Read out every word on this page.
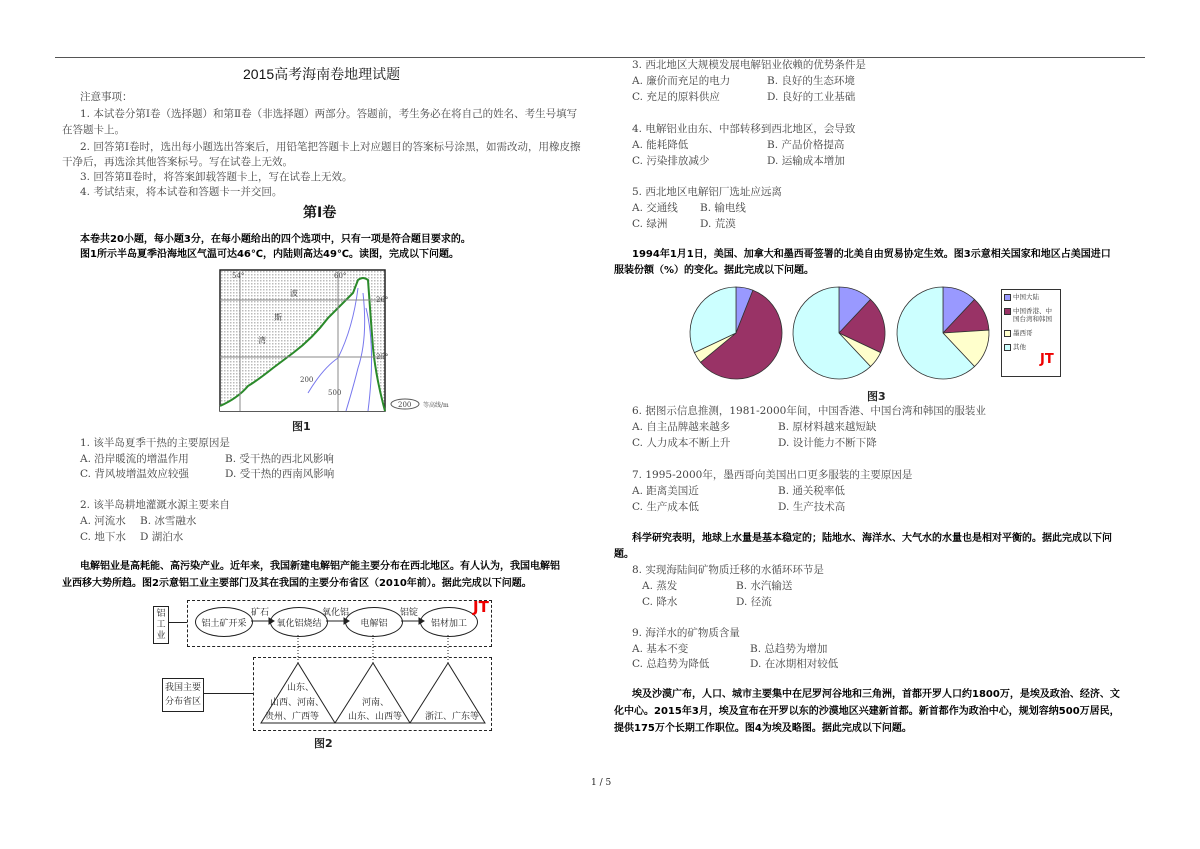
2015高考海南卷地理试题
注意事项：
1. 本试卷分第Ⅰ卷（选择题）和第Ⅱ卷（非选择题）两部分。答题前，考生务必在将自己的姓名、考生号填写
在答题卡上。
2. 回答第Ⅰ卷时，选出每小题选出答案后，用铅笔把答题卡上对应题目的答案标号涂黑，如需改动，用橡皮擦
干净后，再选涂其他答案标号。写在试卷上无效。
3. 回答第Ⅱ卷时，将答案卸载答题卡上，写在试卷上无效。
4. 考试结束，将本试卷和答题卡一并交回。
第Ⅰ卷
本卷共20小题，每小题3分，在每小题给出的四个选项中，只有一项是符合题目要求的。
图1所示半岛夏季沿海地区气温可达46℃，内陆则高达49℃。读图，完成以下问题。
54°	60°
26°
25°
波
斯
湾
200
500
200 等高线/m
图1
1. 该半岛夏季干热的主要原因是
A. 沿岸暖流的增温作用	B. 受干热的西北风影响
C. 背风坡增温效应较强	D. 受干热的西南风影响
2. 该半岛耕地灌溉水源主要来自
A. 河流水 B. 冰雪融水
C. 地下水 D 湖泊水
电解铝业是高耗能、高污染产业。近年来，我国新建电解铝产能主要分布在西北地区。有人认为，我国电解铝
业西移大势所趋。图2示意铝工业主要部门及其在我国的主要分布省区（2010年前）。据此完成以下问题。
铝工业
我国主要分布省区
铝土矿开采	氧化铝烧结	电解铝	铝材加工
矿石	氧化铝	铝锭
山东、
山西、河南、
贵州、广西等
河南、
山东、山西等	浙江、广东等
JT
图2
3. 西北地区大规模发展电解铝业依赖的优势条件是
A. 廉价而充足的电力	B. 良好的生态环境
C. 充足的原料供应	D. 良好的工业基础
4. 电解铝业由东、中部转移到西北地区，会导致
A. 能耗降低	B. 产品价格提高
C. 污染排放减少	D. 运输成本增加
5. 西北地区电解铝厂选址应远离
A. 交通线 B. 输电线
C. 绿洲	D. 荒漠
1994年1月1日，美国、加拿大和墨西哥签署的北美自由贸易协定生效。图3示意相关国家和地区占美国进口
服装份额（%）的变化。据此完成以下问题。
中国大陆
中国香港、中国台湾和韩国
墨西哥
其他
JT
图3
6. 据图示信息推测，1981-2000年间，中国香港、中国台湾和韩国的服装业
A. 自主品牌越来越多	B. 原材料越来越短缺
C. 人力成本不断上升	D. 设计能力不断下降
7. 1995-2000年，墨西哥向美国出口更多服装的主要原因是
A. 距离美国近	B. 通关税率低
C. 生产成本低	D. 生产技术高
科学研究表明，地球上水量是基本稳定的；陆地水、海洋水、大气水的水量也是相对平衡的。据此完成以下问
题。
8. 实现海陆间矿物质迁移的水循环环节是
A. 蒸发	B. 水汽输送
C. 降水	D. 径流
9. 海洋水的矿物质含量
A. 基本不变	B. 总趋势为增加
C. 总趋势为降低	D. 在冰期相对较低
埃及沙漠广布，人口、城市主要集中在尼罗河谷地和三角洲，首都开罗人口约1800万，是埃及政治、经济、文
化中心。2015年3月，埃及宣布在开罗以东的沙漠地区兴建新首都。新首都作为政治中心，规划容纳500万居民，
提供175万个长期工作职位。图4为埃及略图。据此完成以下问题。
1 / 5
